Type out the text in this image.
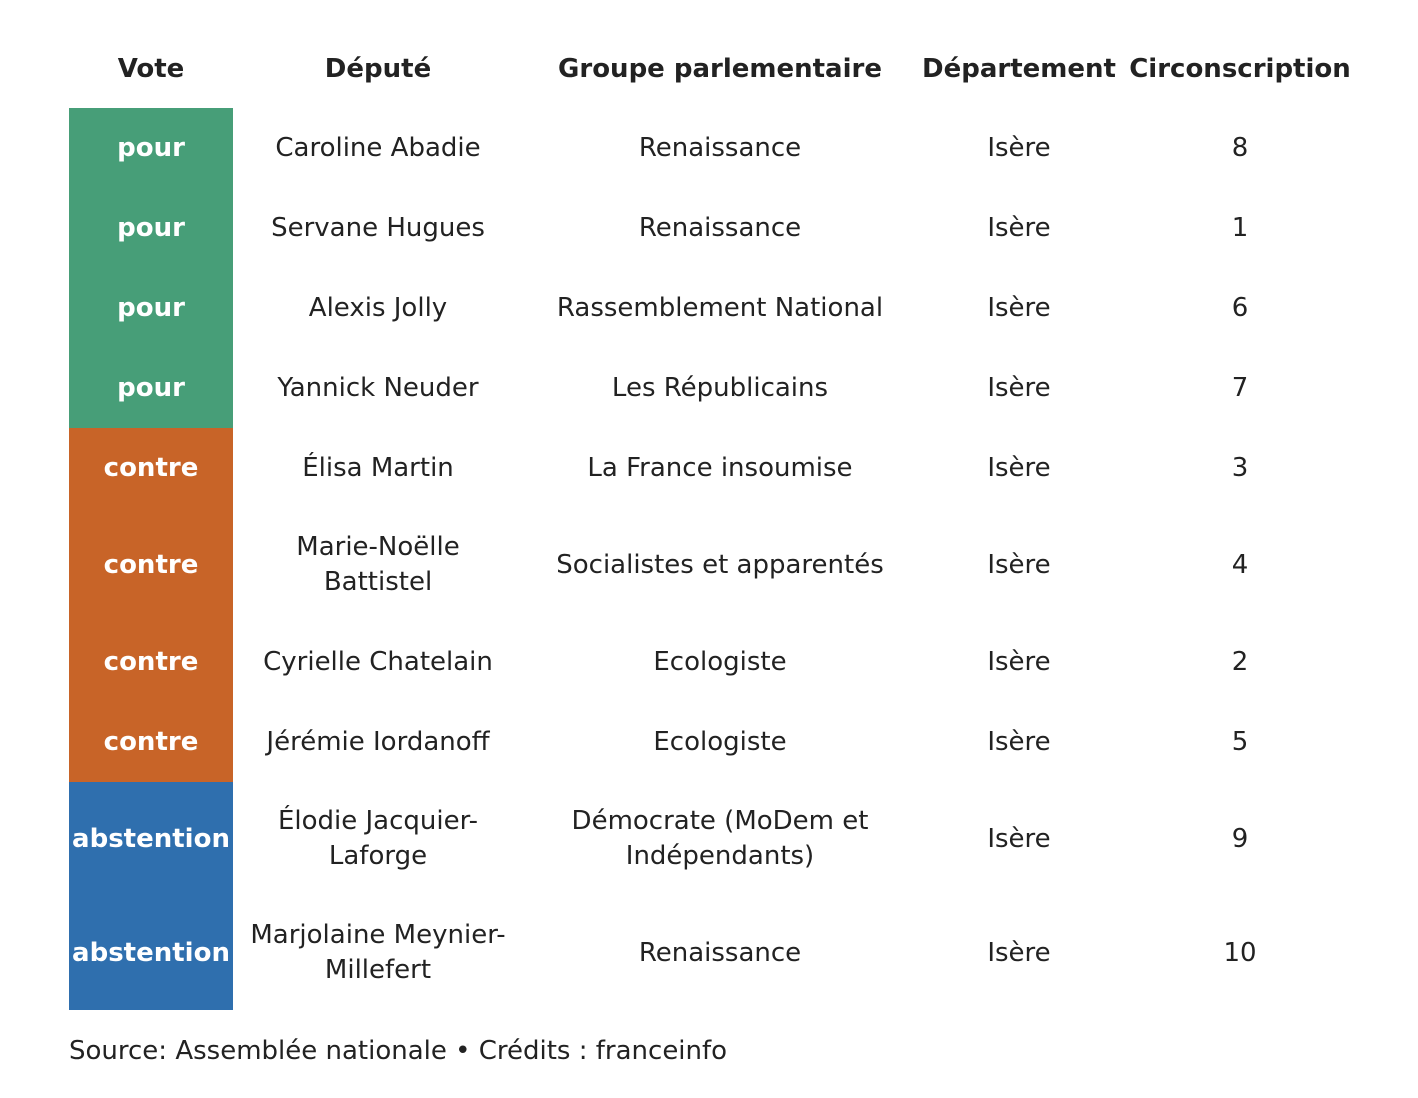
Vote	Député	Groupe parlementaire	Département	Circonscription
pour	Caroline Abadie	Renaissance	Isère	8
pour	Servane Hugues	Renaissance	Isère	1
pour	Alexis Jolly	Rassemblement National	Isère	6
pour	Yannick Neuder	Les Républicains	Isère	7
contre	Élisa Martin	La France insoumise	Isère	3
contre	Marie-Noëlle Battistel	Socialistes et apparentés	Isère	4
contre	Cyrielle Chatelain	Ecologiste	Isère	2
contre	Jérémie Iordanoff	Ecologiste	Isère	5
abstention	Élodie Jacquier-Laforge	Démocrate (MoDem et Indépendants)	Isère	9
abstention	Marjolaine Meynier-Millefert	Renaissance	Isère	10
Source: Assemblée nationale • Crédits : franceinfo
